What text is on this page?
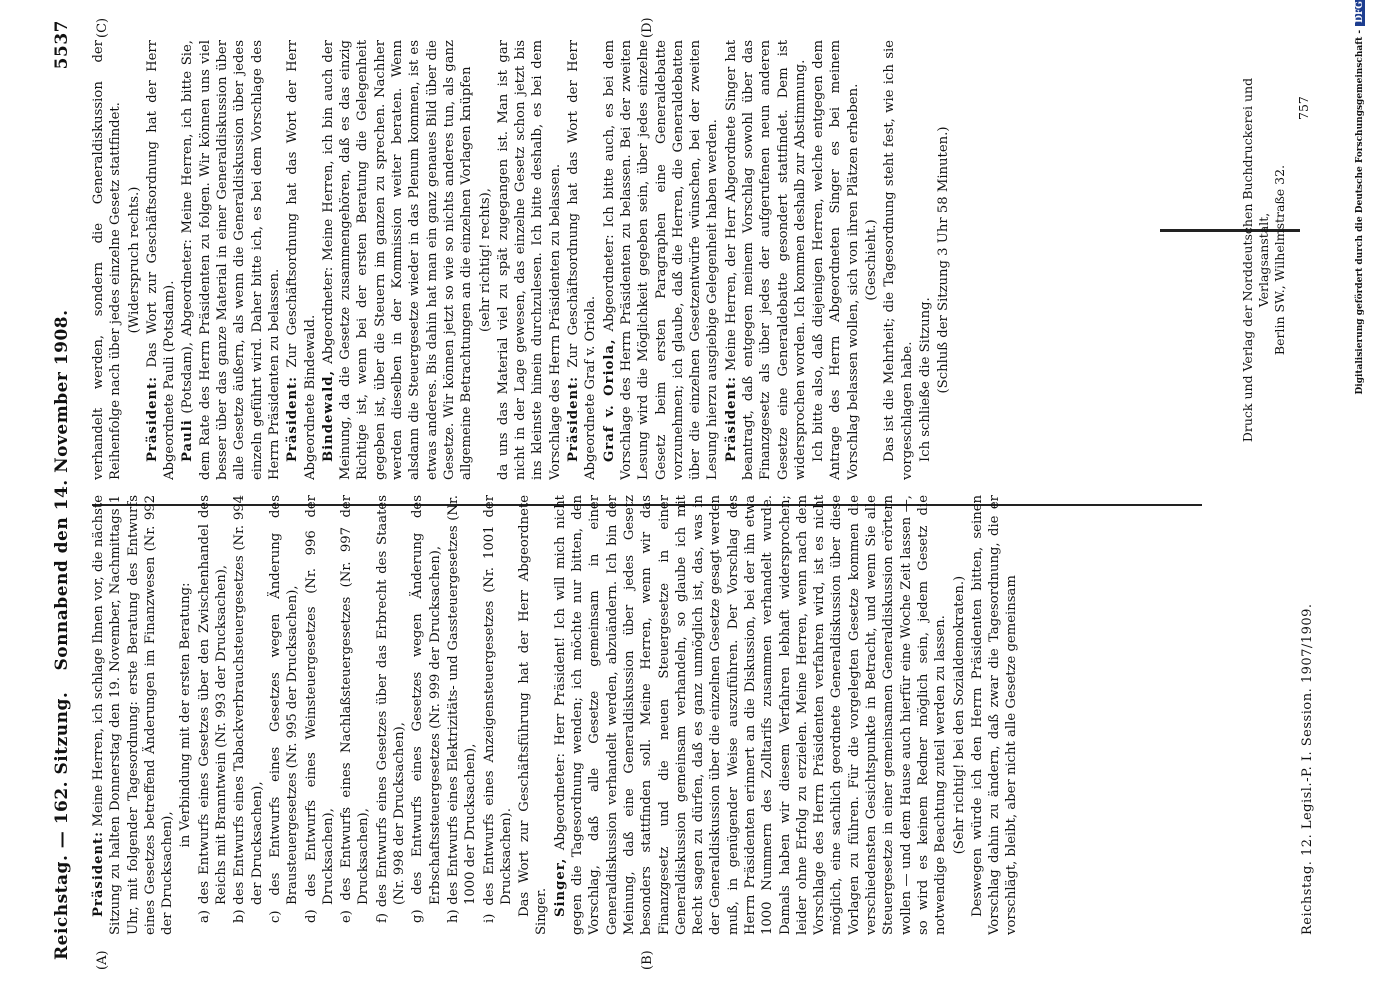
Reichstag. — 162. Sitzung.
Sonnabend den 14. November 1908.
5537
(A)	(B)
(C)	(D)

Präsident: Meine Herren, ich schlage Ihnen vor, die nächste Sitzung zu halten Donnerstag den 19. November, Nachmittags 1 Uhr, mit folgender Tagesordnung: erste Beratung des Entwurfs eines Gesetzes betreffend Änderungen im Finanzwesen (Nr. 992 der Drucksachen),

in Verbindung mit der ersten Beratung: a) des Entwurfs eines Gesetzes über den Zwischenhandel des Reichs mit Branntwein (Nr. 993 der Drucksachen), b) des Entwurfs eines Tabackverbrauchsteuergesetzes (Nr. 994 der Drucksachen), c) des Entwurfs eines Gesetzes wegen Änderung des Brausteuergesetzes (Nr. 995 der Drucksachen), d) des Entwurfs eines Weinsteuergesetzes (Nr. 996 der Drucksachen), e) des Entwurfs eines Nachlaßsteuergesetzes (Nr. 997 der Drucksachen), f) des Entwurfs eines Gesetzes über das Erbrecht des Staates (Nr. 998 der Drucksachen), g) des Entwurfs eines Gesetzes wegen Änderung des Erbschaftssteuergesetzes (Nr. 999 der Drucksachen), h) des Entwurfs eines Elektrizitäts- und Gassteuergesetzes (Nr. 1000 der Drucksachen), i) des Entwurfs eines Anzeigensteuergesetzes (Nr. 1001 der Drucksachen). Das Wort zur Geschäftsführung hat der Herr Abgeordnete Singer. Singer, Abgeordneter: Herr Präsident! Ich will mich nicht gegen die Tagesordnung wenden; ich möchte nur bitten, den Vorschlag, daß alle Gesetze gemeinsam in einer Generaldiskussion verhandelt werden, abzuändern. Ich bin der Meinung, daß eine Generaldiskussion über jedes Gesetz besonders stattfinden soll. Meine Herren, wenn wir das Finanzgesetz und die neuen Steuergesetze in einer Generaldiskussion gemeinsam verhandeln, so glaube ich mit Recht sagen zu dürfen, daß es ganz unmöglich ist, das, was in der Generaldiskussion über die einzelnen Gesetze gesagt werden muß, in genügender Weise auszuführen. Der Vorschlag des Herrn Präsidenten erinnert an die Diskussion, bei der ihn etwa 1000 Nummern des Zolltarifs zusammen verhandelt wurde. Damals haben wir diesem Verfahren lebhaft widersprochen; leider ohne Erfolg zu erzielen. Meine Herren, wenn nach dem Vorschlage des Herrn Präsidenten verfahren wird, ist es nicht möglich, eine sachlich geordnete Generaldiskussion über diese Vorlagen zu führen. Für die vorgelegten Gesetze kommen die verschiedensten Gesichtspunkte in Betracht, und wenn Sie alle Steuergesetze in einer gemeinsamen Generaldiskussion erörtern wollen — und dem Hause auch hierfür eine Woche Zeit lassen —, so wird es keinem Redner möglich sein, jedem Gesetz die notwendige Beachtung zuteil werden zu lassen. (Sehr richtig! bei den Sozialdemokraten.) Deswegen würde ich den Herrn Präsidenten bitten, seinen Vorschlag dahin zu ändern, daß zwar die Tagesordnung, die er vorschlägt, bleibt, aber nicht alle Gesetze gemeinsam

verhandelt werden, sondern die Generaldiskussion der Reihenfolge nach über jedes einzelne Gesetz stattfindet. (Widerspruch rechts.)

Präsident: Das Wort zur Geschäftsordnung hat der Herr Abgeordnete Pauli (Potsdam). Pauli (Potsdam), Abgeordneter: Meine Herren, ich bitte Sie, dem Rate des Herrn Präsidenten zu folgen. Wir können uns viel besser über das ganze Material in einer Generaldiskussion über alle Gesetze äußern, als wenn die Generaldiskussion über jedes einzeln geführt wird. Daher bitte ich, es bei dem Vorschlage des Herrn Präsidenten zu belassen. Präsident: Zur Geschäftsordnung hat das Wort der Herr Abgeordnete Bindewald. Bindewald, Abgeordneter: Meine Herren, ich bin auch der Meinung, da die Gesetze zusammengehören, daß es das einzig Richtige ist, wenn bei der ersten Beratung die Gelegenheit gegeben ist, über die Steuern im ganzen zu sprechen. Nachher werden dieselben in der Kommission weiter beraten. Wenn alsdann die Steuergesetze wieder in das Plenum kommen, ist es etwas anderes. Bis dahin hat man ein ganz genaues Bild über die Gesetze. Wir können jetzt so wie so nichts anderes tun, als ganz allgemeine Betrachtungen an die einzelnen Vorlagen knüpfen (sehr richtig! rechts), da uns das Material viel zu spät zugegangen ist. Man ist gar nicht in der Lage gewesen, das einzelne Gesetz schon jetzt bis ins kleinste hinein durchzulesen. Ich bitte deshalb, es bei dem Vorschlage des Herrn Präsidenten zu belassen. Präsident: Zur Geschäftsordnung hat das Wort der Herr Abgeordnete Graf v. Oriola. Graf v. Oriola, Abgeordneter: Ich bitte auch, es bei dem Vorschlage des Herrn Präsidenten zu belassen. Bei der zweiten Lesung wird die Möglichkeit gegeben sein, über jedes einzelne Gesetz beim ersten Paragraphen eine Generaldebatte vorzunehmen; ich glaube, daß die Herren, die Generaldebatten über die einzelnen Gesetzentwürfe wünschen, bei der zweiten Lesung hierzu ausgiebige Gelegenheit haben werden. Präsident: Meine Herren, der Herr Abgeordnete Singer hat beantragt, daß entgegen meinem Vorschlag sowohl über das Finanzgesetz als über jedes der aufgerufenen neun anderen Gesetze eine Generaldebatte gesondert stattfindet. Dem ist widersprochen worden. Ich kommen deshalb zur Abstimmung. Ich bitte also, daß diejenigen Herren, welche entgegen dem Antrage des Herrn Abgeordneten Singer es bei meinem Vorschlag belassen wollen, sich von ihren Plätzen erheben. (Geschieht.) Das ist die Mehrheit; die Tagesordnung steht fest, wie ich sie vorgeschlagen habe. Ich schließe die Sitzung. (Schluß der Sitzung 3 Uhr 58 Minuten.)

Reichstag. 12. Legisl.-P. I. Session. 1907/1909.
Druck und Verlag der Norddeutschen Buchdruckerei und Verlagsanstalt, Berlin SW., Wilhelmstraße 32.
757	Digitalisierung gefördert durch die Deutsche Forschungsgemeinschaft -DFG
